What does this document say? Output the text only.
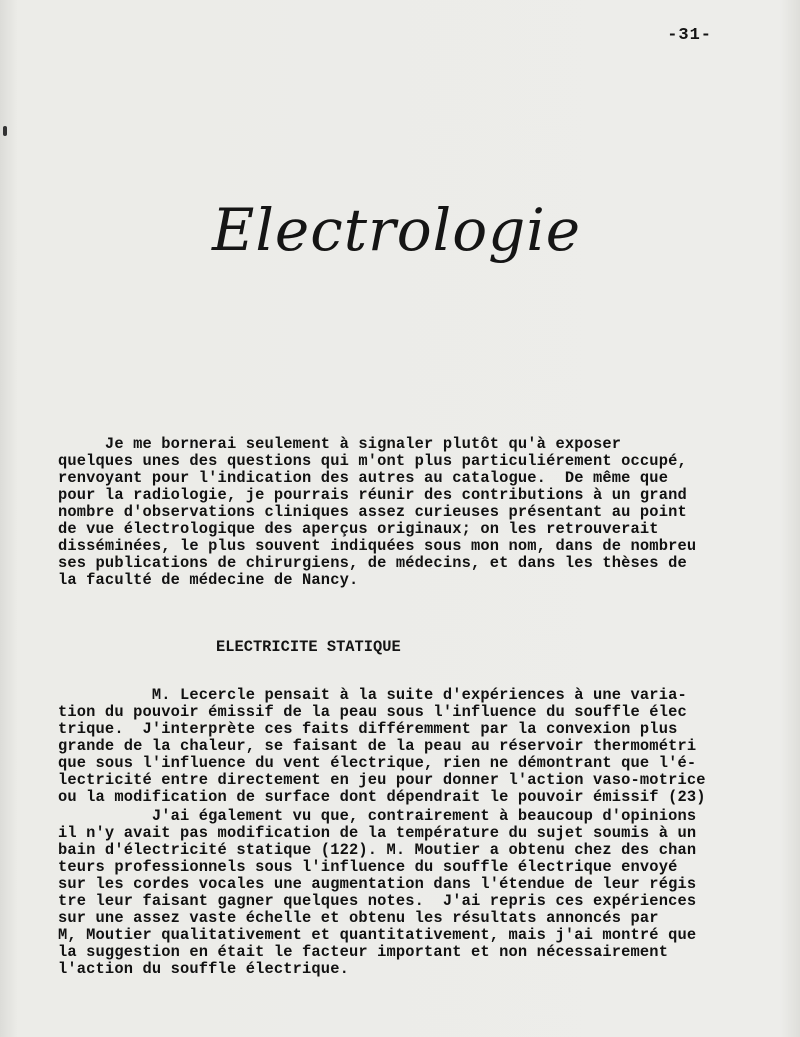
-31-
Electrologie
Je me bornerai seulement à signaler plutôt qu'à exposer
quelques unes des questions qui m'ont plus particuliérement occupé,
renvoyant pour l'indication des autres au catalogue.  De même que
pour la radiologie, je pourrais réunir des contributions à un grand
nombre d'observations cliniques assez curieuses présentant au point
de vue électrologique des aperçus originaux; on les retrouverait
disséminées, le plus souvent indiquées sous mon nom, dans de nombreu
ses publications de chirurgiens, de médecins, et dans les thèses de
la faculté de médecine de Nancy.
ELECTRICITE STATIQUE
M. Lecercle pensait à la suite d'expériences à une varia-
tion du pouvoir émissif de la peau sous l'influence du souffle élec
trique.  J'interprète ces faits différemment par la convexion plus
grande de la chaleur, se faisant de la peau au réservoir thermométri
que sous l'influence du vent électrique, rien ne démontrant que l'é-
lectricité entre directement en jeu pour donner l'action vaso-motrice
ou la modification de surface dont dépendrait le pouvoir émissif (23)
J'ai également vu que, contrairement à beaucoup d'opinions
il n'y avait pas modification de la température du sujet soumis à un
bain d'électricité statique (122). M. Moutier a obtenu chez des chan
teurs professionnels sous l'influence du souffle électrique envoyé
sur les cordes vocales une augmentation dans l'étendue de leur régis
tre leur faisant gagner quelques notes.  J'ai repris ces expériences
sur une assez vaste échelle et obtenu les résultats annoncés par
M, Moutier qualitativement et quantitativement, mais j'ai montré que
la suggestion en était le facteur important et non nécessairement
l'action du souffle électrique.
